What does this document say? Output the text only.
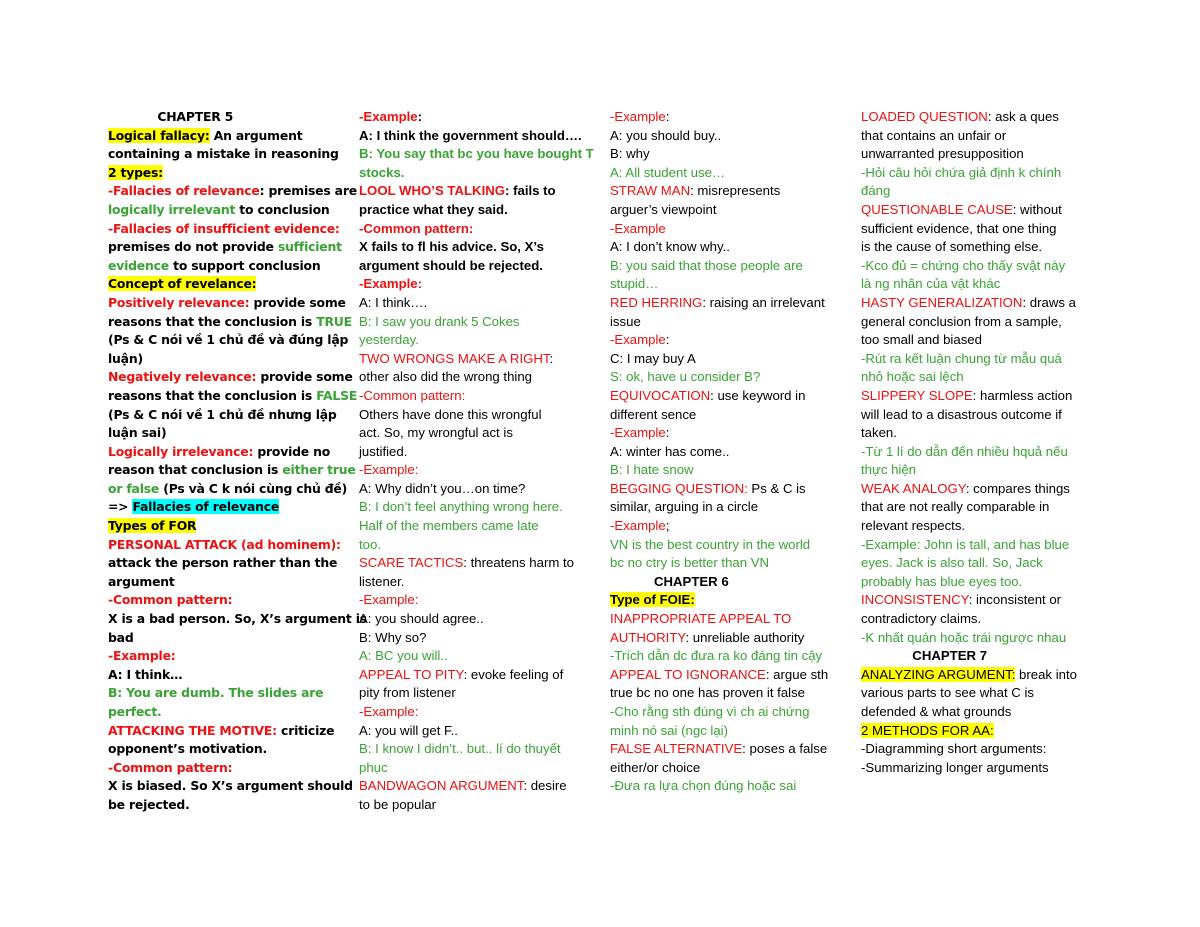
CHAPTER 5
Logical fallacy: An argument
containing a mistake in reasoning
2 types:
-Fallacies of relevance: premises are
logically irrelevant to conclusion
-Fallacies of insufficient evidence:
premises do not provide sufficient
evidence to support conclusion
Concept of revelance:
Positively relevance: provide some
reasons that the conclusion is TRUE
(Ps & C nói về 1 chủ đề và đúng lập
luận)
Negatively relevance: provide some
reasons that the conclusion is FALSE
(Ps & C nói về 1 chủ đề nhưng lập
luận sai)
Logically irrelevance: provide no
reason that conclusion is either true
or false (Ps và C k nói cùng chủ đề)
=> Fallacies of relevance
Types of FOR
PERSONAL ATTACK (ad hominem):
attack the person rather than the
argument
-Common pattern:
X is a bad person. So, X’s argument is
bad
-Example:
A: I think…
B: You are dumb. The slides are
perfect.
ATTACKING THE MOTIVE: criticize
opponent’s motivation.
-Common pattern:
X is biased. So X’s argument should
be rejected.
-Example:
A: I think the government should….
B: You say that bc you have bought T
stocks.
LOOL WHO’S TALKING: fails to
practice what they said.
-Common pattern:
X fails to fl his advice. So, X’s
argument should be rejected.
-Example:
A: I think….
B: I saw you drank 5 Cokes
yesterday.
TWO WRONGS MAKE A RIGHT:
other also did the wrong thing
-Common pattern:
Others have done this wrongful
act. So, my wrongful act is
justified.
-Example:
A: Why didn’t you…on time?
B: I don’t feel anything wrong here.
Half of the members came late
too.
SCARE TACTICS: threatens harm to
listener.
-Example:
A: you should agree..
B: Why so?
A: BC you will..
APPEAL TO PITY: evoke feeling of
pity from listener
-Example:
A: you will get F..
B: I know I didn’t.. but.. lí do thuyết
phục
BANDWAGON ARGUMENT: desire
to be popular
-Example:
A: you should buy..
B: why
A: All student use…
STRAW MAN: misrepresents
arguer’s viewpoint
-Example
A: I don’t know why..
B: you said that those people are
stupid…
RED HERRING: raising an irrelevant
issue
-Example:
C: I may buy A
S: ok, have u consider B?
EQUIVOCATION: use keyword in
different sence
-Example:
A: winter has come..
B: I hate snow
BEGGING QUESTION: Ps & C is
similar, arguing in a circle
-Example;
VN is the best country in the world
bc no ctry is better than VN
CHAPTER 6
Type of FOIE:
INAPPROPRIATE APPEAL TO
AUTHORITY: unreliable authority
-Trích dẫn dc đưa ra ko đáng tin cậy
APPEAL TO IGNORANCE: argue sth
true bc no one has proven it false
-Cho rằng sth đúng vì ch ai chứng
minh nó sai (ngc lại)
FALSE ALTERNATIVE: poses a false
either/or choice
-Đưa ra lựa chọn đúng hoặc sai
LOADED QUESTION: ask a ques
that contains an unfair or
unwarranted presupposition
-Hỏi câu hỏi chứa giả định k chính
đáng
QUESTIONABLE CAUSE: without
sufficient evidence, that one thing
is the cause of something else.
-Kco đủ = chứng cho thấy svật này
là ng nhân của vật khác
HASTY GENERALIZATION: draws a
general conclusion from a sample,
too small and biased
-Rút ra kết luận chung từ mẫu quá
nhỏ hoặc sai lệch
SLIPPERY SLOPE: harmless action
will lead to a disastrous outcome if
taken.
-Từ 1 lí do dẫn đến nhiều hquả nếu
thực hiện
WEAK ANALOGY: compares things
that are not really comparable in
relevant respects.
-Example: John is tall, and has blue
eyes. Jack is also tall. So, Jack
probably has blue eyes too.
INCONSISTENCY: inconsistent or
contradictory claims.
-K nhất quán hoặc trái ngược nhau
CHAPTER 7
ANALYZING ARGUMENT: break into
various parts to see what C is
defended & what grounds
2 METHODS FOR AA:
-Diagramming short arguments:
-Summarizing longer arguments
